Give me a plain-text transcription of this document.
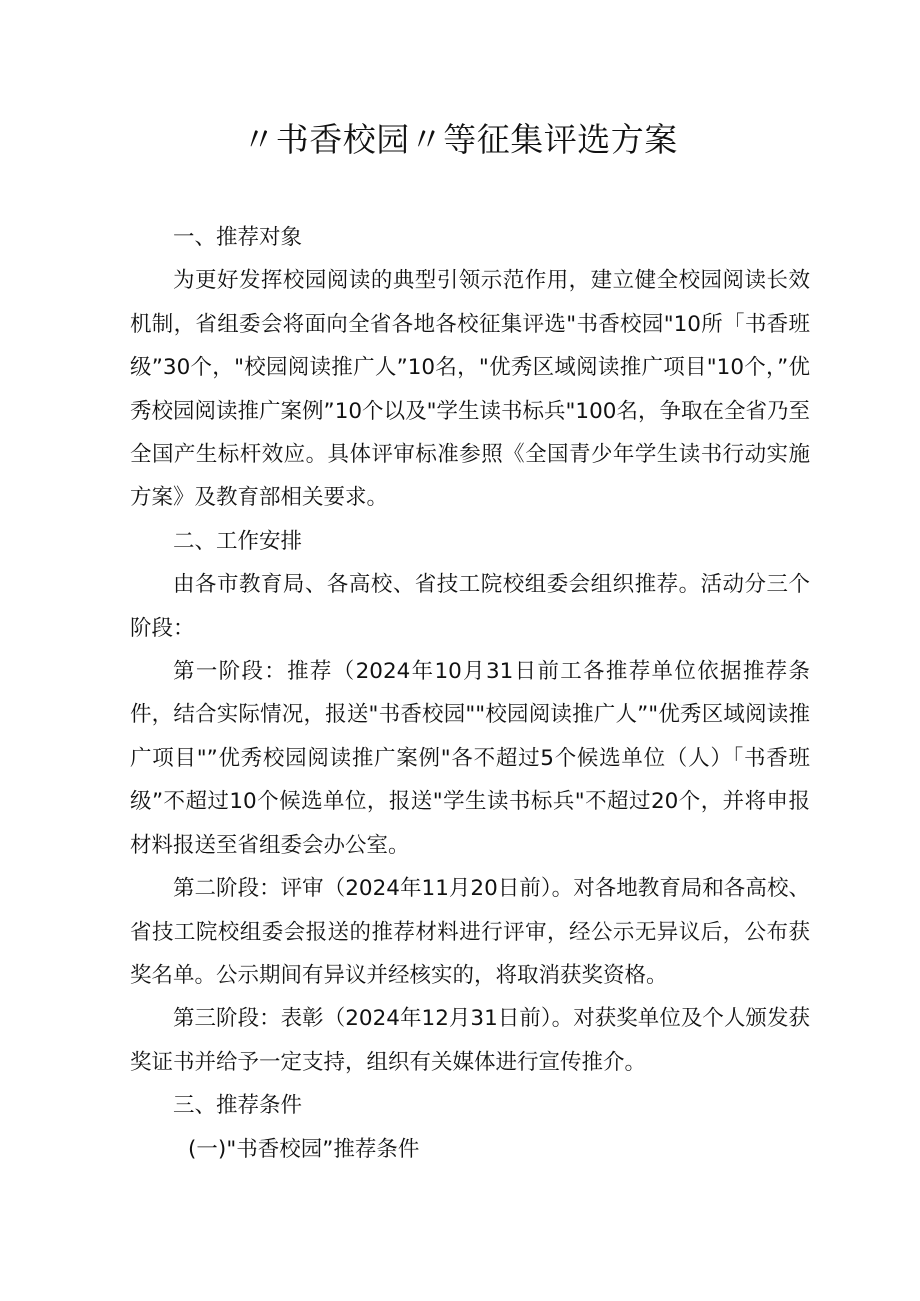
〃书香校园〃等征集评选方案

一、推荐对象

为更好发挥校园阅读的典型引领示范作用，建立健全校园阅读长效机制，省组委会将面向全省各地各校征集评选"书香校园"10所「书香班级”30个，"校园阅读推广人”10名，"优秀区域阅读推广项目"10个，”优秀校园阅读推广案例”10个以及"学生读书标兵"100名，争取在全省乃至全国产生标杆效应。具体评审标准参照《全国青少年学生读书行动实施方案》及教育部相关要求。

二、工作安排

由各市教育局、各高校、省技工院校组委会组织推荐。活动分三个阶段：

第一阶段：推荐（2024年10月31日前工各推荐单位依据推荐条件，结合实际情况，报送"书香校园""校园阅读推广人”"优秀区域阅读推广项目"”优秀校园阅读推广案例"各不超过5个候选单位（人）「书香班级”不超过10个候选单位，报送"学生读书标兵"不超过20个，并将申报材料报送至省组委会办公室。

第二阶段：评审（2024年11月20日前）。对各地教育局和各高校、省技工院校组委会报送的推荐材料进行评审，经公示无异议后，公布获奖名单。公示期间有异议并经核实的，将取消获奖资格。

第三阶段：表彰（2024年12月31日前）。对获奖单位及个人颁发获奖证书并给予一定支持，组织有关媒体进行宣传推介。

三、推荐条件

(一)"书香校园”推荐条件
